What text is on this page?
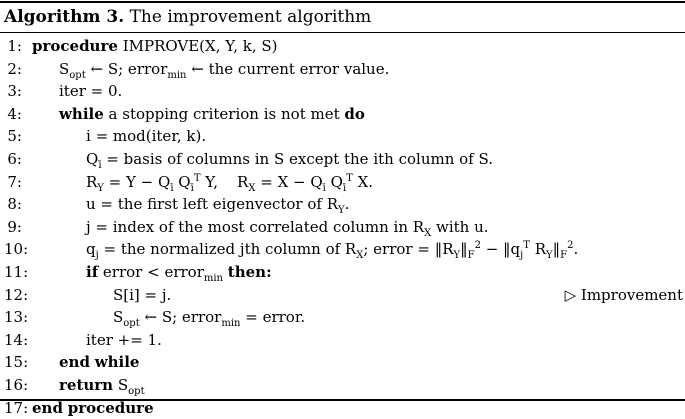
Algorithm 3. The improvement algorithm
1: procedure IMPROVE(X, Y, k, S)
2: $S_{opt}$ ← S; error$_{min}$ ← the current error value.
3: iter = 0.
4: while a stopping criterion is not met do
5:	i = mod(iter, k).
6:	$Q_ī$ = basis of columns in S except the ith column of S.
7:	$R_Y = Y - Q_ī$ $Q_ī^T$ Y,    $R_X = X - Q_ī$ $Q_ī^T$ X.
8:	u = the first left eigenvector of $R_Y$.
9:	j = index of the most correlated column in $R_X$ with u.
10:	$q_j$ = the normalized jth column of $R_X$; error = $‖R_Y‖_F^2$ − $‖q_j^T$ $R_Y‖_F^2$.
11:	if error < error$_{min}$ then:
12:	S[i] = j.	▷ Improvement
13:	$S_{opt}$ ← S; error$_{min}$ = error.
14:	iter += 1.
15: end while
16: return $S_{opt}$
17: end procedure
